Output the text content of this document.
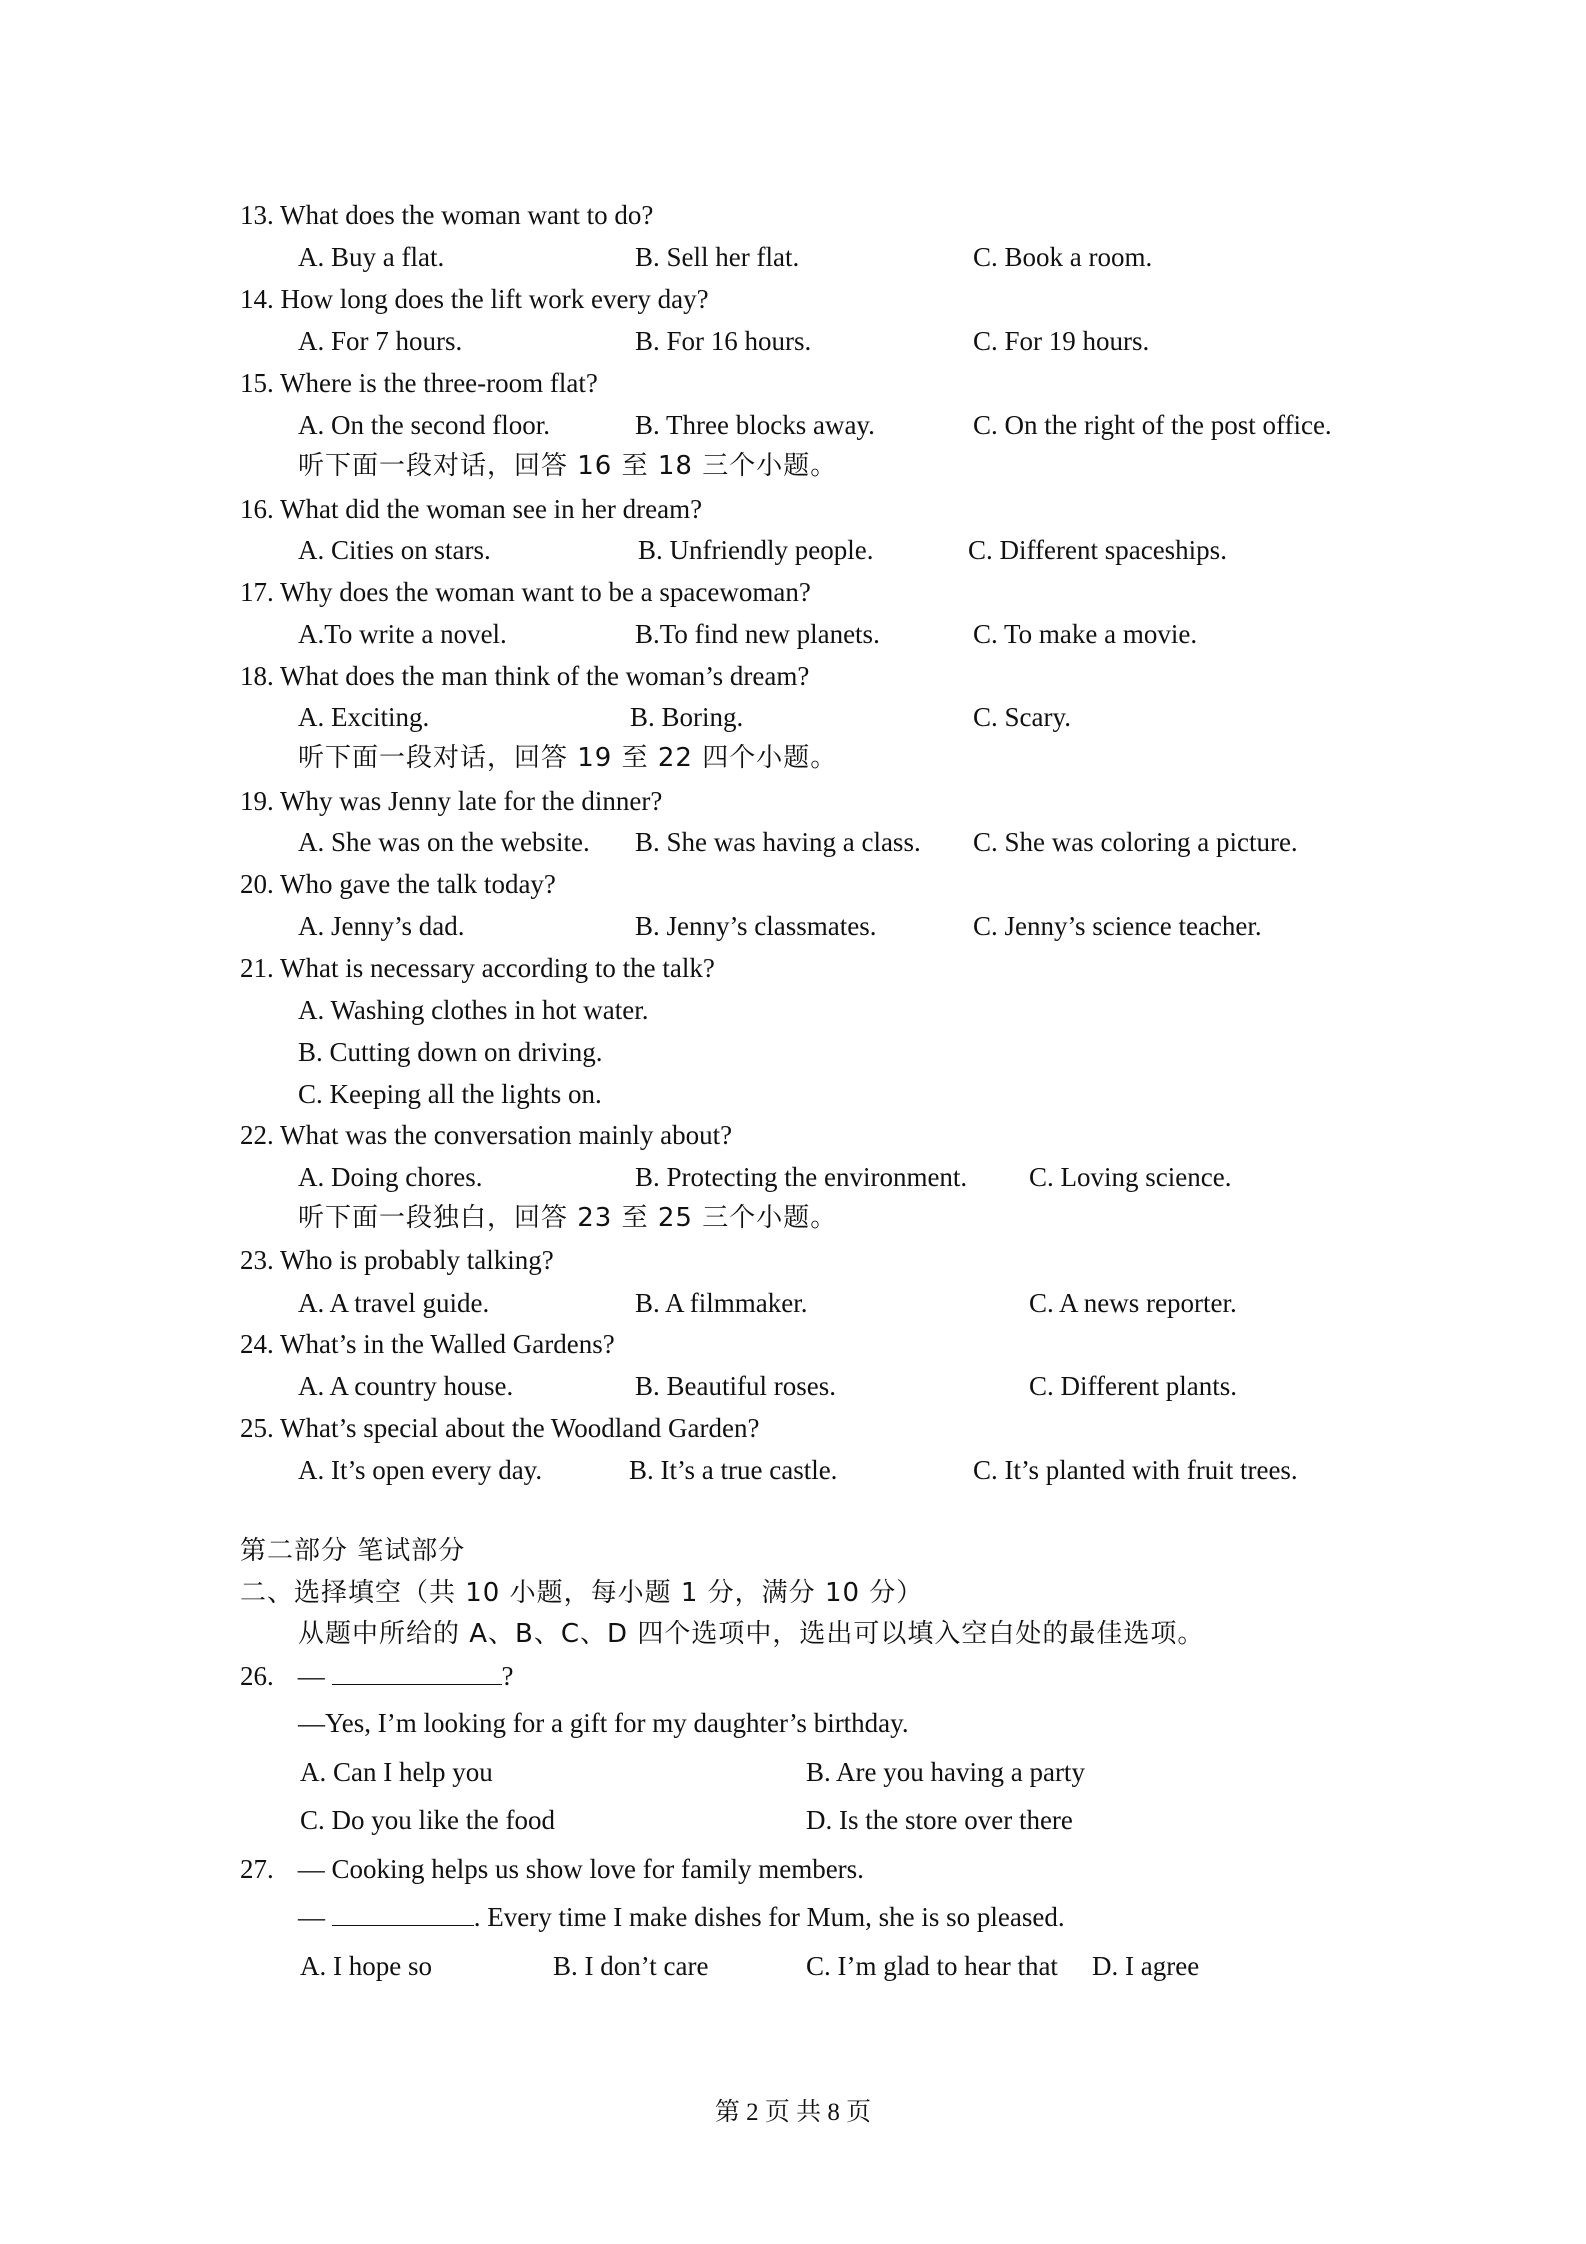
13. What does the woman want to do?
A. Buy a flat.	B. Sell her flat.	C. Book a room.
14. How long does the lift work every day?
A. For 7 hours.	B. For 16 hours.	C. For 19 hours.
15. Where is the three-room flat?
A. On the second floor.	B. Three blocks away.	C. On the right of the post office.
听下面一段对话，回答 16 至 18 三个小题。
16. What did the woman see in her dream?
A. Cities on stars.	B. Unfriendly people.	C. Different spaceships.
17. Why does the woman want to be a spacewoman?
A.To write a novel.	B.To find new planets.	C. To make a movie.
18. What does the man think of the woman’s dream?
A. Exciting.	B. Boring.	C. Scary.
听下面一段对话，回答 19 至 22 四个小题。
19. Why was Jenny late for the dinner?
A. She was on the website. B. She was having a class. C. She was coloring a picture.
20. Who gave the talk today?
A. Jenny’s dad.	B. Jenny’s classmates.	C. Jenny’s science teacher.
21. What is necessary according to the talk?
A. Washing clothes in hot water.
B. Cutting down on driving.
C. Keeping all the lights on.
22. What was the conversation mainly about?
A. Doing chores.	B. Protecting the environment. C. Loving science.
听下面一段独白，回答 23 至 25 三个小题。
23. Who is probably talking?
A. A travel guide.	B. A filmmaker.	C. A news reporter.
24. What’s in the Walled Gardens?
A. A country house.	B. Beautiful roses.	C. Different plants.
25. What’s special about the Woodland Garden?
A. It’s open every day.	B. It’s a true castle.	C. It’s planted with fruit trees.
第二部分 笔试部分
二、选择填空（共 10 小题，每小题 1 分，满分 10 分）
从题中所给的 A、B、C、D 四个选项中，选出可以填入空白处的最佳选项。
26. —	?
—Yes, I’m looking for a gift for my daughter’s birthday.
A. Can I help you	B. Are you having a party
C. Do you like the food	D. Is the store over there
27. — Cooking helps us show love for family members.
—	. Every time I make dishes for Mum, she is so pleased.
A. I hope so	B. I don’t care	C. I’m glad to hear that D. I agree
第 2 页 共 8 页
